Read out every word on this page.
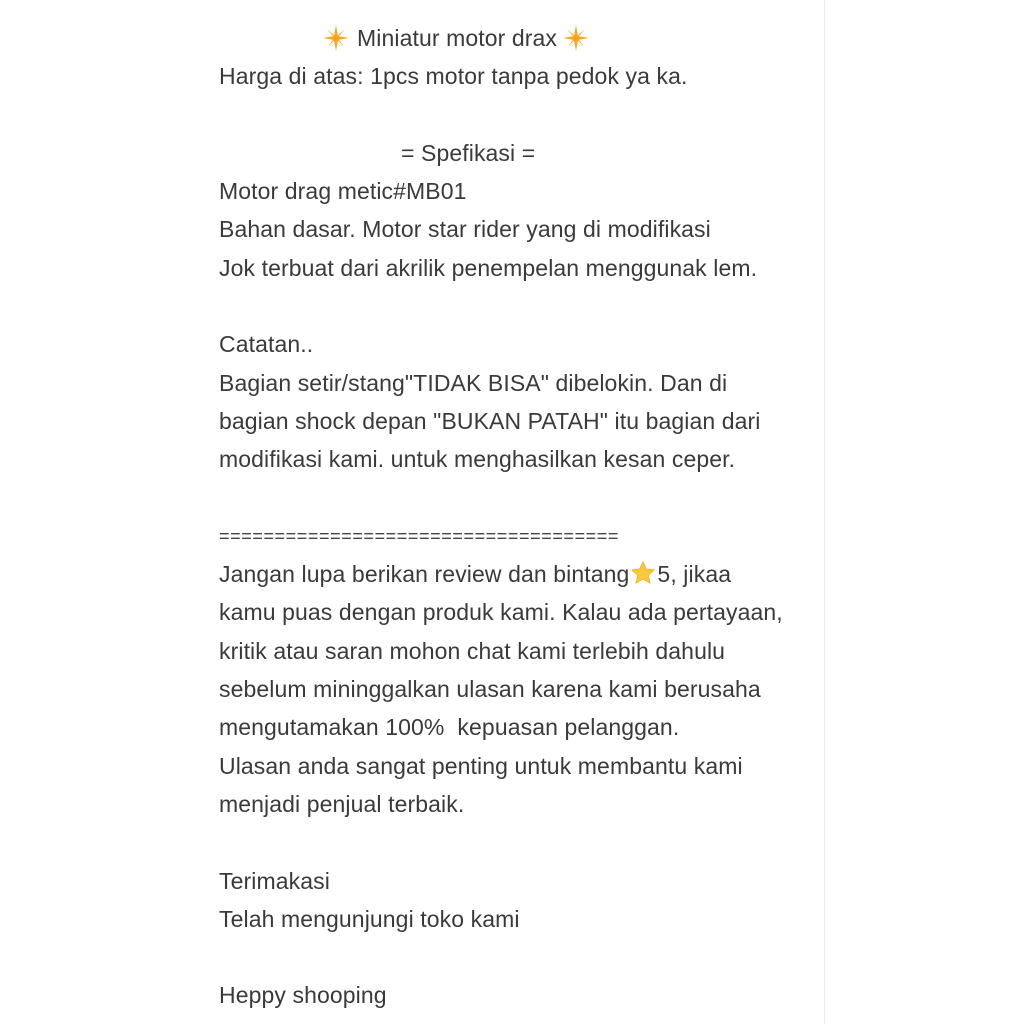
Miniatur motor drax
Harga di atas: 1pcs motor tanpa pedok ya ka.
= Spefikasi =
Motor drag metic#MB01
Bahan dasar. Motor star rider yang di modifikasi
Jok terbuat dari akrilik penempelan menggunak lem.
Catatan..
Bagian setir/stang"TIDAK BISA" dibelokin. Dan di
bagian shock depan "BUKAN PATAH" itu bagian dari
modifikasi kami. untuk menghasilkan kesan ceper.
====================================
Jangan lupa berikan review dan bintang 5, jikaa
kamu puas dengan produk kami. Kalau ada pertayaan,
kritik atau saran mohon chat kami terlebih dahulu
sebelum mininggalkan ulasan karena kami berusaha
mengutamakan 100%  kepuasan pelanggan.
Ulasan anda sangat penting untuk membantu kami
menjadi penjual terbaik.
Terimakasi
Telah mengunjungi toko kami
Heppy shooping
